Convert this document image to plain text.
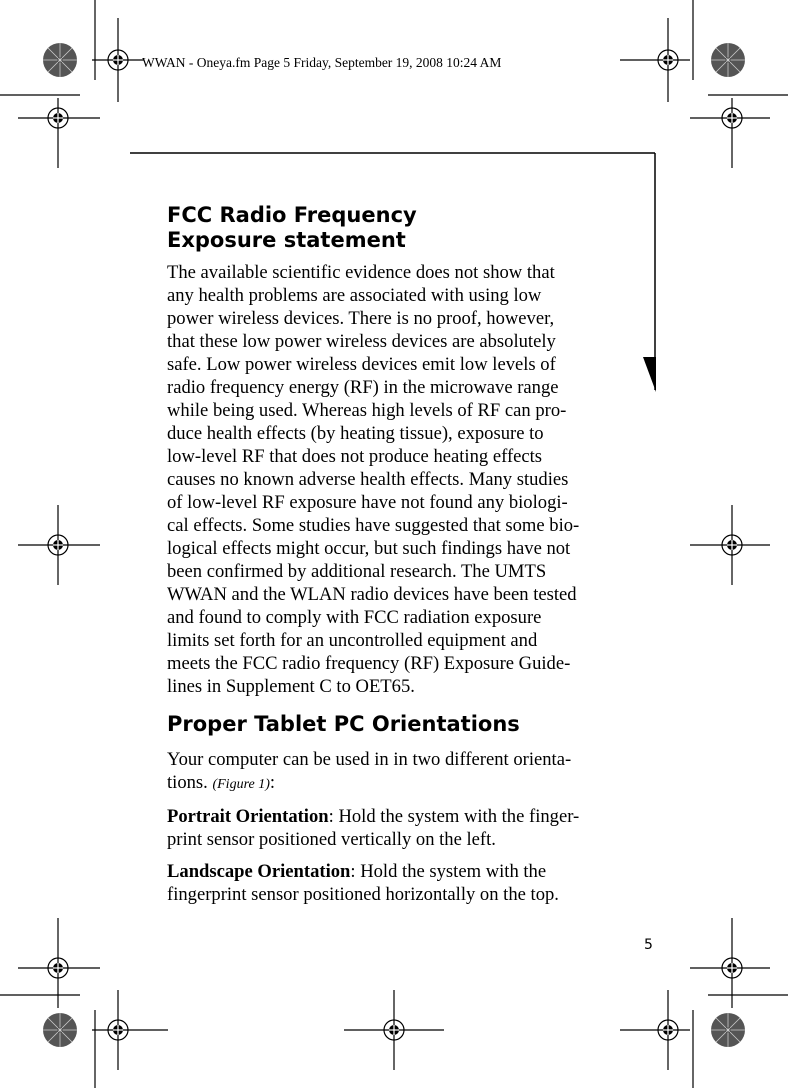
WWAN - Oneya.fm Page 5 Friday, September 19, 2008 10:24 AM
FCC Radio Frequency
Exposure statement

The available scientific evidence does not show that
any health problems are associated with using low
power wireless devices. There is no proof, however,
that these low power wireless devices are absolutely
safe. Low power wireless devices emit low levels of
radio frequency energy (RF) in the microwave range
while being used. Whereas high levels of RF can pro-
duce health effects (by heating tissue), exposure to
low-level RF that does not produce heating effects
causes no known adverse health effects. Many studies
of low-level RF exposure have not found any biologi-
cal effects. Some studies have suggested that some bio-
logical effects might occur, but such findings have not
been confirmed by additional research. The UMTS
WWAN and the WLAN radio devices have been tested
and found to comply with FCC radiation exposure
limits set forth for an uncontrolled equipment and
meets the FCC radio frequency (RF) Exposure Guide-
lines in Supplement C to OET65.

Proper Tablet PC Orientations

Your computer can be used in in two different orienta-
tions. (Figure 1):

Portrait Orientation: Hold the system with the finger-
print sensor positioned vertically on the left.

Landscape Orientation: Hold the system with the
fingerprint sensor positioned horizontally on the top.

5
